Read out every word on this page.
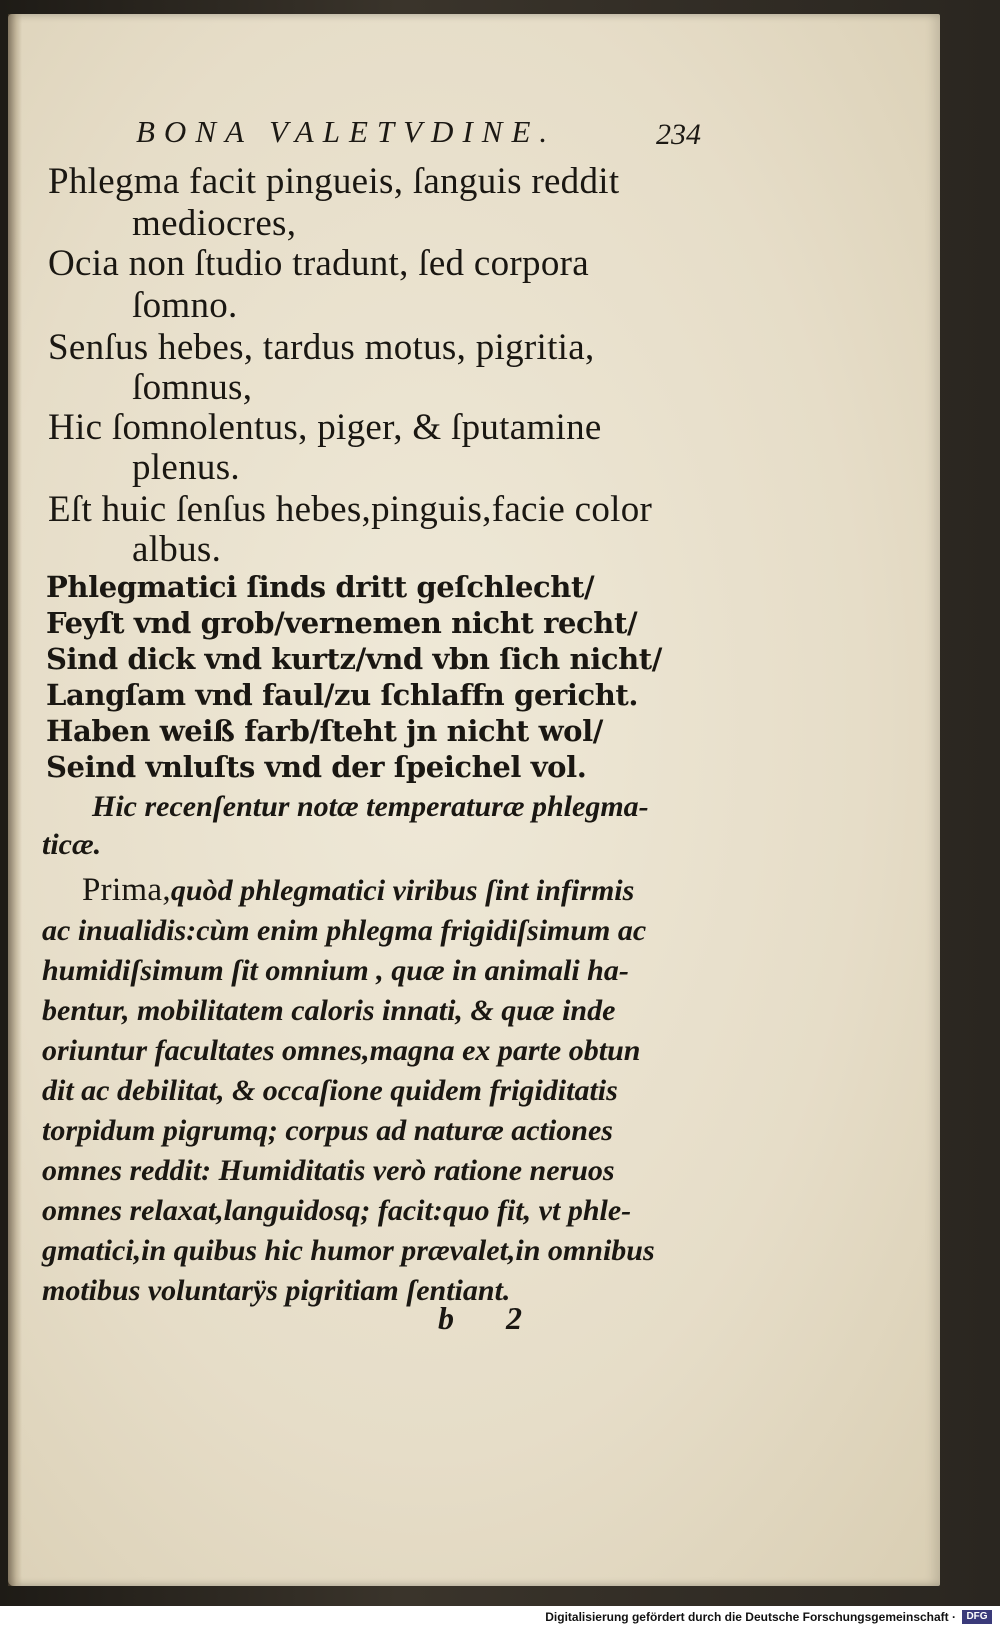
BONA VALETVDINE.	234
Phlegma facit pingueis, ſanguis reddit
mediocres,
Ocia non ſtudio tradunt, ſed corpora
ſomno.
Senſus hebes, tardus motus, pigritia,
ſomnus,
Hic ſomnolentus, piger, & ſputamine
plenus.
Eſt huic ſenſus hebes,pinguis,facie color
albus.
Phlegmatici ſinds dritt geſchlecht/
Feyſt vnd grob/vernemen nicht recht/
Sind dick vnd kurtz/vnd vbn ſich nicht/
Langſam vnd faul/zu ſchlaffn gericht.
Haben weiß farb/ſteht jn nicht wol/
Seind vnluſts vnd der ſpeichel vol.
Hic recenſentur notæ temperaturæ phlegma-
ticæ.
Prima,quòd phlegmatici viribus ſint infirmis
ac inualidis:cùm enim phlegma frigidiſsimum ac
humidiſsimum ſit omnium , quæ in animali ha-
bentur, mobilitatem caloris innati, & quæ inde
oriuntur facultates omnes,magna ex parte obtun
dit ac debilitat, & occaſione quidem frigiditatis
torpidum pigrumq; corpus ad naturæ actiones
omnes reddit: Humiditatis verò ratione neruos
omnes relaxat,languidosq; facit:quo fit, vt phle-
gmatici,in quibus hic humor prævalet,in omnibus
motibus voluntarÿs pigritiam ſentiant.
b 2
Digitalisierung gefördert durch die Deutsche Forschungsgemeinschaft ·	DFG
